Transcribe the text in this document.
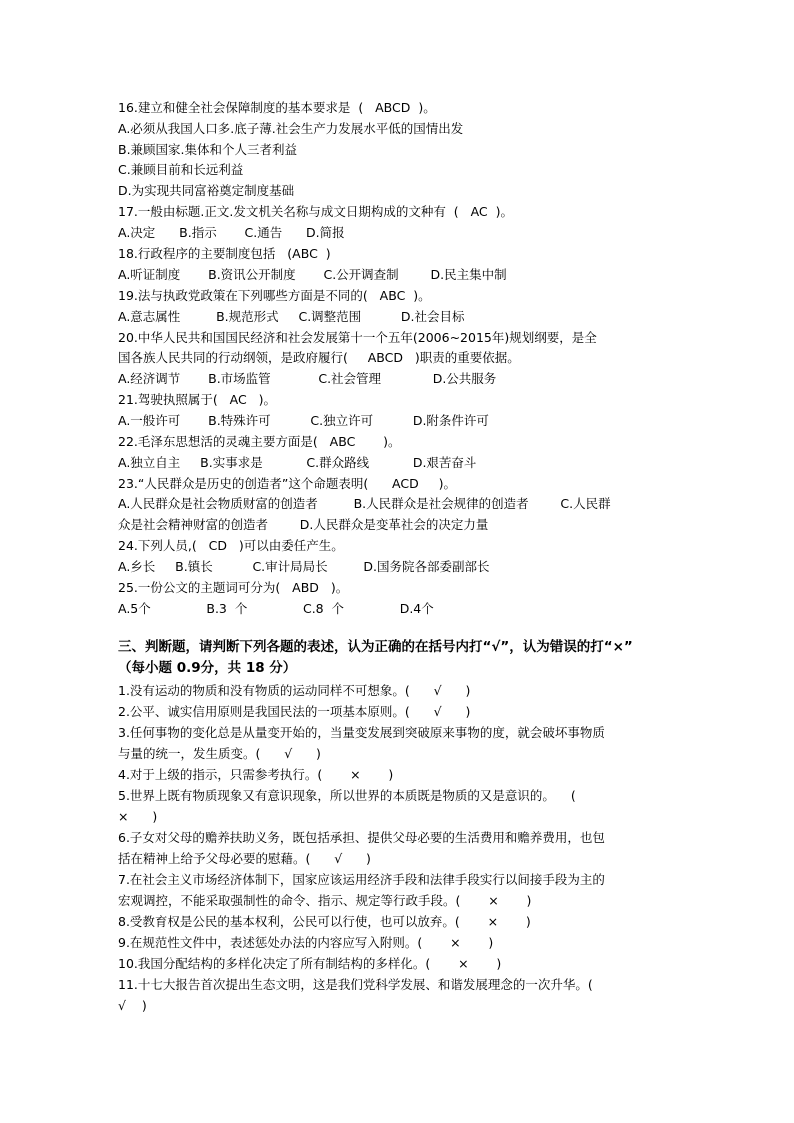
16.建立和健全社会保障制度的基本要求是  (   ABCD  )。
A.必须从我国人口多.底子薄.社会生产力发展水平低的国情出发
B.兼顾国家.集体和个人三者利益
C.兼顾目前和长远利益
D.为实现共同富裕奠定制度基础
17.一般由标题.正文.发文机关名称与成文日期构成的文种有  (   AC  )。
A.决定      B.指示       C.通告      D.简报
18.行政程序的主要制度包括   (ABC  )
A.听证制度       B.资讯公开制度       C.公开调查制        D.民主集中制
19.法与执政党政策在下列哪些方面是不同的(   ABC  )。
A.意志属性         B.规范形式     C.调整范围          D.社会目标
20.中华人民共和国国民经济和社会发展第十一个五年(2006~2015年)规划纲要，是全
国各族人民共同的行动纲领，是政府履行(     ABCD   )职责的重要依据。
A.经济调节       B.市场监管            C.社会管理             D.公共服务
21.驾驶执照属于(   AC   )。
A.一般许可       B.特殊许可          C.独立许可          D.附条件许可
22.毛泽东思想活的灵魂主要方面是(   ABC       )。
A.独立自主     B.实事求是           C.群众路线           D.艰苦奋斗
23.“人民群众是历史的创造者”这个命题表明(      ACD     )。
A.人民群众是社会物质财富的创造者         B.人民群众是社会规律的创造者        C.人民群
众是社会精神财富的创造者        D.人民群众是变革社会的决定力量
24.下列人员,(   CD   )可以由委任产生。
A.乡长     B.镇长          C.审计局局长         D.国务院各部委副部长
25.一份公文的主题词可分为(   ABD   )。
A.5个              B.3  个              C.8  个              D.4个
三、判断题，请判断下列各题的表述，认为正确的在括号内打“√”，认为错误的打“×”
（每小题 0.9分，共 18 分）
1.没有运动的物质和没有物质的运动同样不可想象。(      √      )
2.公平、诚实信用原则是我国民法的一项基本原则。(      √      )
3.任何事物的变化总是从量变开始的，当量变发展到突破原来事物的度，就会破坏事物质
与量的统一，发生质变。(      √      )
4.对于上级的指示，只需参考执行。(       ×       )
5.世界上既有物质现象又有意识现象，所以世界的本质既是物质的又是意识的。    (
×      )
6.子女对父母的赡养扶助义务，既包括承担、提供父母必要的生活费用和赡养费用，也包
括在精神上给予父母必要的慰藉。(      √      )
7.在社会主义市场经济体制下，国家应该运用经济手段和法律手段实行以间接手段为主的
宏观调控，不能采取强制性的命令、指示、规定等行政手段。(       ×       )
8.受教育权是公民的基本权利，公民可以行使，也可以放弃。(       ×       )
9.在规范性文件中，表述惩处办法的内容应写入附则。(       ×       )
10.我国分配结构的多样化决定了所有制结构的多样化。(       ×       )
11.十七大报告首次提出生态文明，这是我们党科学发展、和谐发展理念的一次升华。(
√    )
